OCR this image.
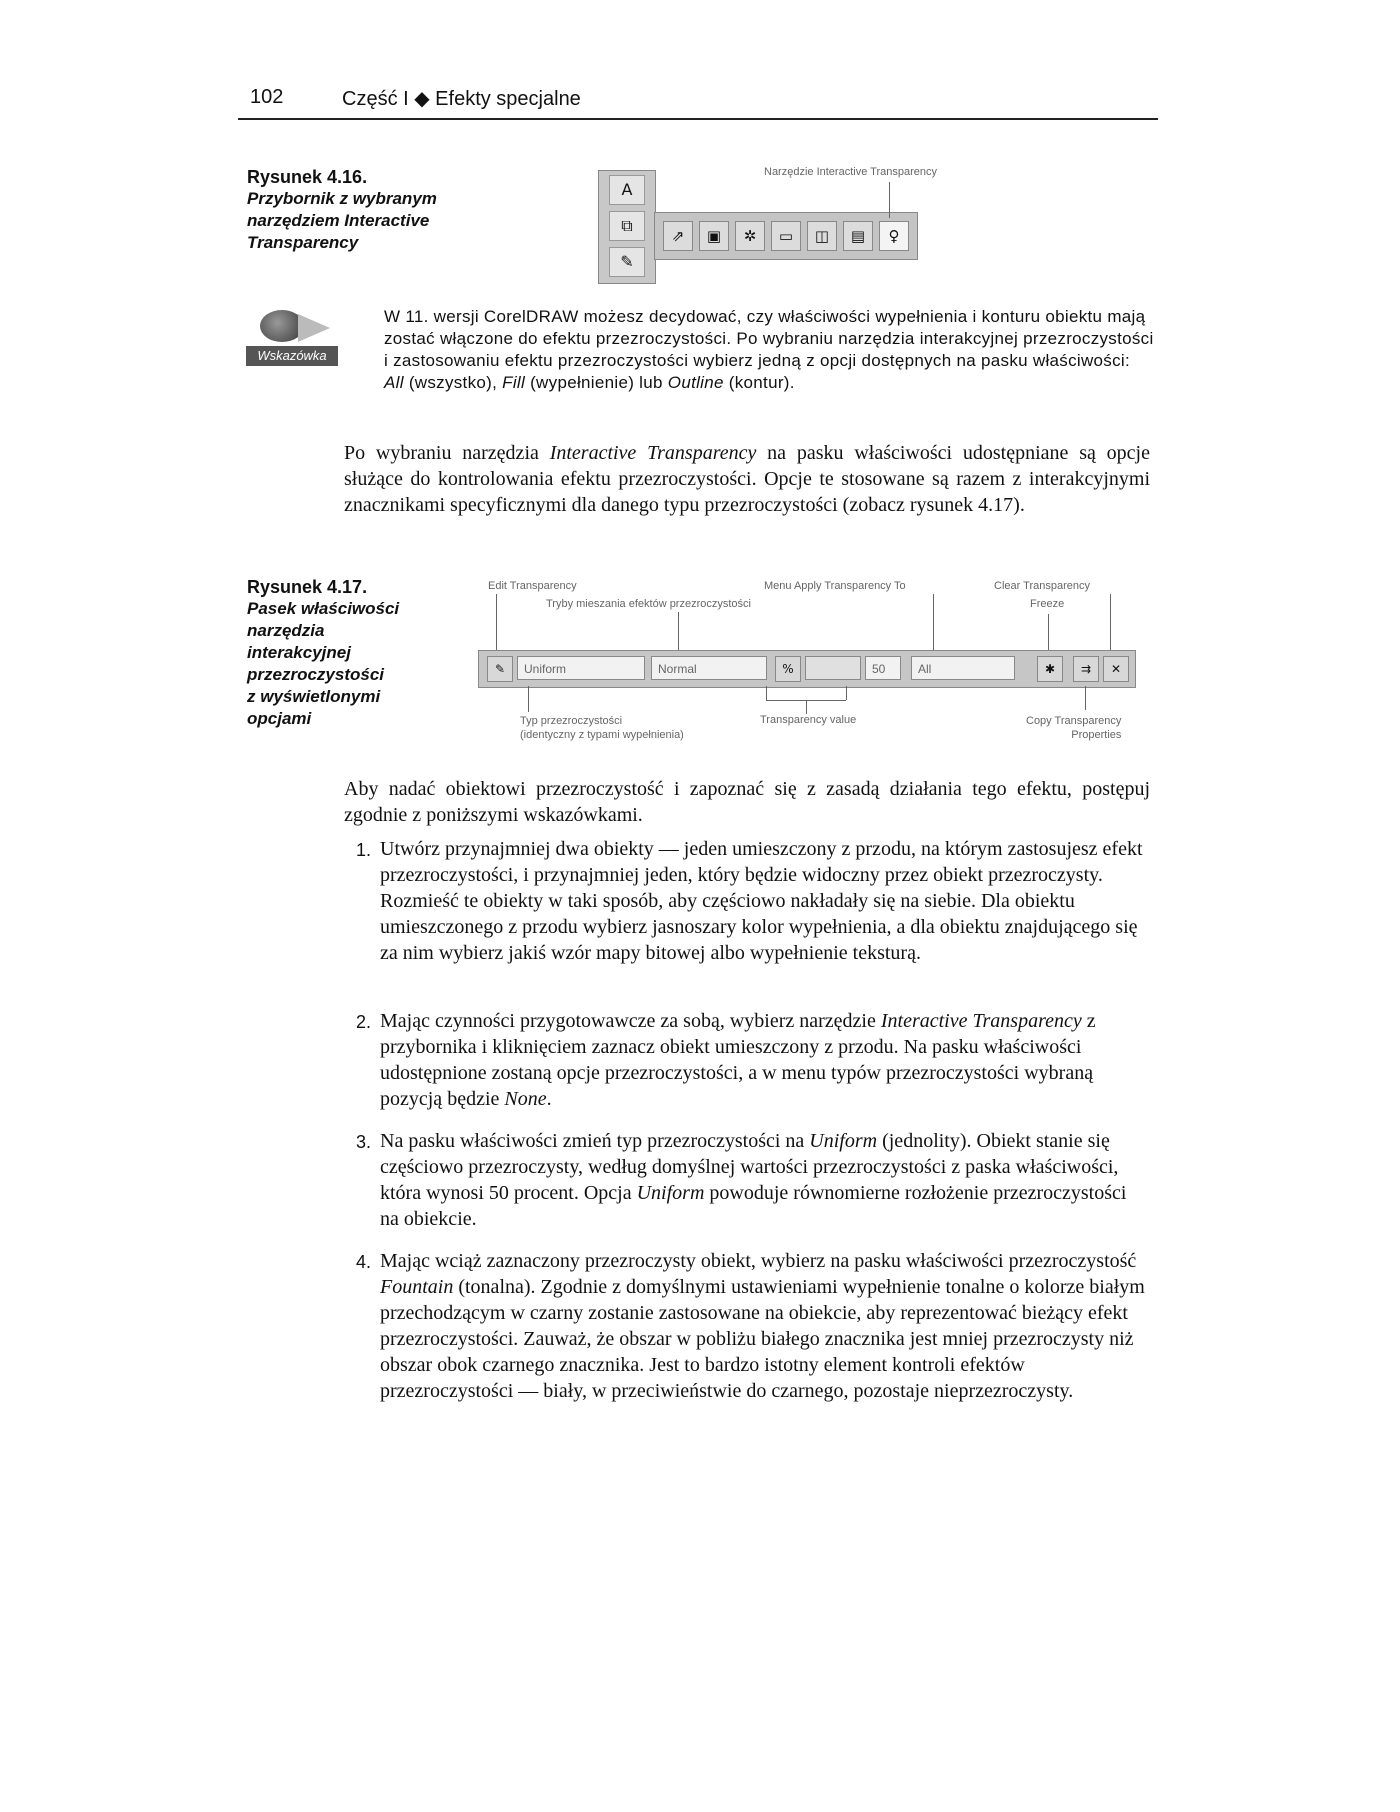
102	Część I ◆ Efekty specjalne
Rysunek 4.16.
Przybornik z wybranym
narzędziem Interactive
Transparency
A
⧉
✎
⇗	▣	✲	▭	◫	▤	♀
Narzędzie Interactive Transparency
Wskazówka
W 11. wersji CorelDRAW możesz decydować, czy właściwości wypełnienia i konturu obiektu mają zostać włączone do efektu przezroczystości. Po wybraniu narzędzia interakcyjnej przezroczystości i zastosowaniu efektu przezroczystości wybierz jedną z opcji dostępnych na pasku właściwości: All (wszystko), Fill (wypełnienie) lub Outline (kontur).
Po wybraniu narzędzia Interactive Transparency na pasku właściwości udostępniane są opcje służące do kontrolowania efektu przezroczystości. Opcje te stosowane są razem z interakcyjnymi znacznikami specyficznymi dla danego typu przezroczystości (zobacz rysunek 4.17).
Rysunek 4.17.
Pasek właściwości
narzędzia
interakcyjnej
przezroczystości
z wyświetlonymi
opcjami
Edit Transparency
Tryby mieszania efektów przezroczystości
Menu Apply Transparency To	Clear Transparency
Freeze
✎	Uniform	Normal	%	50	All	✱	⇉	✕
Typ przezroczystości
(identyczny z typami wypełnienia)
Transparency value	Copy Transparency
Properties
Aby nadać obiektowi przezroczystość i zapoznać się z zasadą działania tego efektu, postępuj zgodnie z poniższymi wskazówkami.
1. Utwórz przynajmniej dwa obiekty — jeden umieszczony z przodu, na którym zastosujesz efekt przezroczystości, i przynajmniej jeden, który będzie widoczny przez obiekt przezroczysty. Rozmieść te obiekty w taki sposób, aby częściowo nakładały się na siebie. Dla obiektu umieszczonego z przodu wybierz jasnoszary kolor wypełnienia, a dla obiektu znajdującego się za nim wybierz jakiś wzór mapy bitowej albo wypełnienie teksturą.
2. Mając czynności przygotowawcze za sobą, wybierz narzędzie Interactive Transparency z przybornika i kliknięciem zaznacz obiekt umieszczony z przodu. Na pasku właściwości udostępnione zostaną opcje przezroczystości, a w menu typów przezroczystości wybraną pozycją będzie None.
3. Na pasku właściwości zmień typ przezroczystości na Uniform (jednolity). Obiekt stanie się częściowo przezroczysty, według domyślnej wartości przezroczystości z paska właściwości, która wynosi 50 procent. Opcja Uniform powoduje równomierne rozłożenie przezroczystości na obiekcie.
4. Mając wciąż zaznaczony przezroczysty obiekt, wybierz na pasku właściwości przezroczystość Fountain (tonalna). Zgodnie z domyślnymi ustawieniami wypełnienie tonalne o kolorze białym przechodzącym w czarny zostanie zastosowane na obiekcie, aby reprezentować bieżący efekt przezroczystości. Zauważ, że obszar w pobliżu białego znacznika jest mniej przezroczysty niż obszar obok czarnego znacznika. Jest to bardzo istotny element kontroli efektów przezroczystości — biały, w przeciwieństwie do czarnego, pozostaje nieprzezroczysty.
